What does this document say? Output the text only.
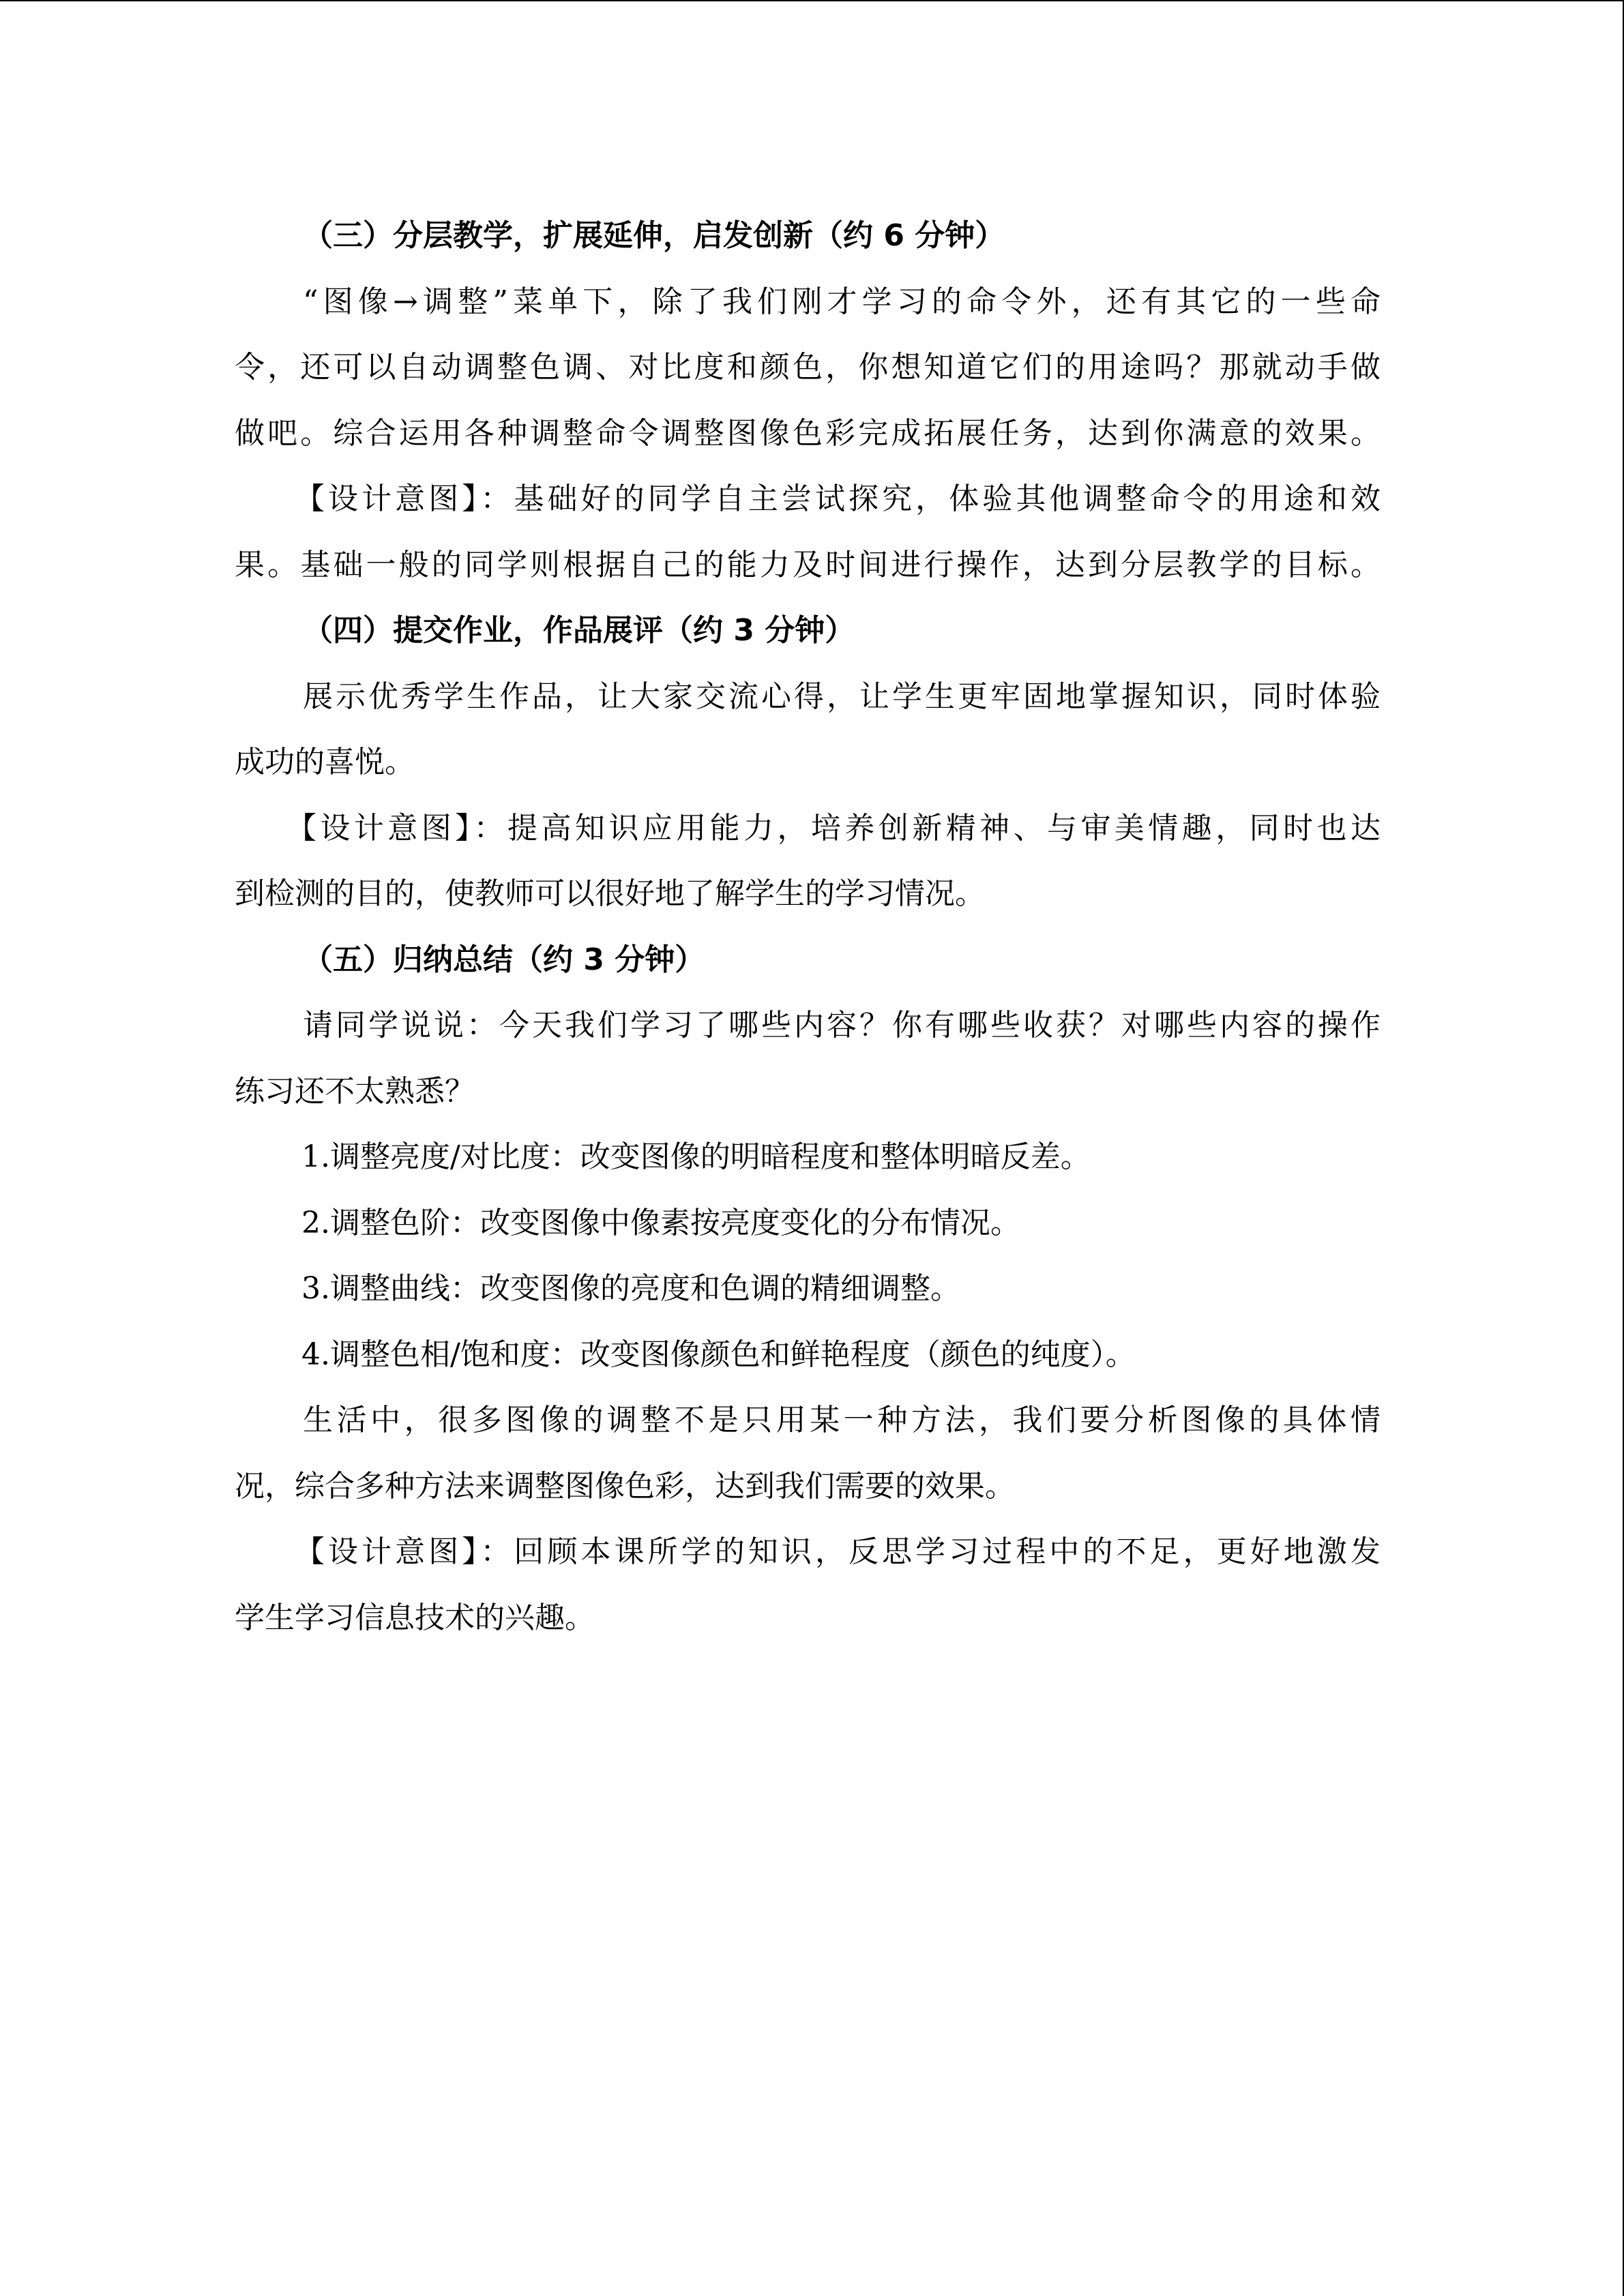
（三）分层教学，扩展延伸，启发创新（约 6 分钟）
“图像→调整”菜单下，除了我们刚才学习的命令外，还有其它的一些命
令，还可以自动调整色调、对比度和颜色，你想知道它们的用途吗？那就动手做
做吧。综合运用各种调整命令调整图像色彩完成拓展任务，达到你满意的效果。
【设计意图】：基础好的同学自主尝试探究，体验其他调整命令的用途和效
果。基础一般的同学则根据自己的能力及时间进行操作，达到分层教学的目标。
（四）提交作业，作品展评（约 3 分钟）
展示优秀学生作品，让大家交流心得，让学生更牢固地掌握知识，同时体验
成功的喜悦。
【设计意图】：提高知识应用能力，培养创新精神、与审美情趣，同时也达
到检测的目的，使教师可以很好地了解学生的学习情况。
（五）归纳总结（约 3 分钟）
请同学说说：今天我们学习了哪些内容？你有哪些收获？对哪些内容的操作
练习还不太熟悉？
1.调整亮度/对比度：改变图像的明暗程度和整体明暗反差。
2.调整色阶：改变图像中像素按亮度变化的分布情况。
3.调整曲线：改变图像的亮度和色调的精细调整。
4.调整色相/饱和度：改变图像颜色和鲜艳程度（颜色的纯度）。
生活中，很多图像的调整不是只用某一种方法，我们要分析图像的具体情
况，综合多种方法来调整图像色彩，达到我们需要的效果。
【设计意图】：回顾本课所学的知识，反思学习过程中的不足，更好地激发
学生学习信息技术的兴趣。
